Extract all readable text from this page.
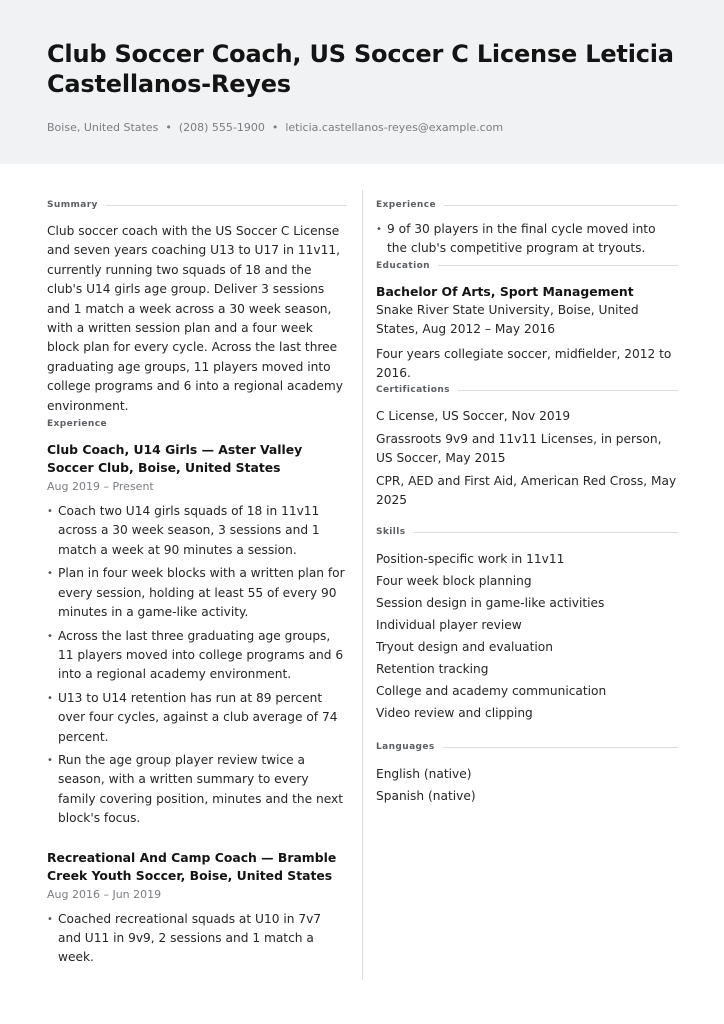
Club Soccer Coach, US Soccer C License Leticia Castellanos-Reyes
Boise, United States • (208) 555-1900 • leticia.castellanos-reyes@example.com
Summary
Club soccer coach with the US Soccer C License and seven years coaching U13 to U17 in 11v11, currently running two squads of 18 and the club's U14 girls age group. Deliver 3 sessions and 1 match a week across a 30 week season, with a written session plan and a four week block plan for every cycle. Across the last three graduating age groups, 11 players moved into college programs and 6 into a regional academy environment.
Experience
Club Coach, U14 Girls — Aster Valley Soccer Club, Boise, United States
Aug 2019 – Present
• Coach two U14 girls squads of 18 in 11v11 across a 30 week season, 3 sessions and 1 match a week at 90 minutes a session.
• Plan in four week blocks with a written plan for every session, holding at least 55 of every 90 minutes in a game-like activity.
• Across the last three graduating age groups, 11 players moved into college programs and 6 into a regional academy environment.
• U13 to U14 retention has run at 89 percent over four cycles, against a club average of 74 percent.
• Run the age group player review twice a season, with a written summary to every family covering position, minutes and the next block's focus.
Recreational And Camp Coach — Bramble Creek Youth Soccer, Boise, United States
Aug 2016 – Jun 2019
• Coached recreational squads at U10 in 7v7 and U11 in 9v9, 2 sessions and 1 match a week.
Experience
• 9 of 30 players in the final cycle moved into the club's competitive program at tryouts.
Education
Bachelor Of Arts, Sport Management
Snake River State University, Boise, United States, Aug 2012 – May 2016
Four years collegiate soccer, midfielder, 2012 to 2016.
Certifications
C License, US Soccer, Nov 2019
Grassroots 9v9 and 11v11 Licenses, in person, US Soccer, May 2015
CPR, AED and First Aid, American Red Cross, May 2025
Skills
Position-specific work in 11v11
Four week block planning
Session design in game-like activities
Individual player review
Tryout design and evaluation
Retention tracking
College and academy communication
Video review and clipping
Languages
English (native)
Spanish (native)
